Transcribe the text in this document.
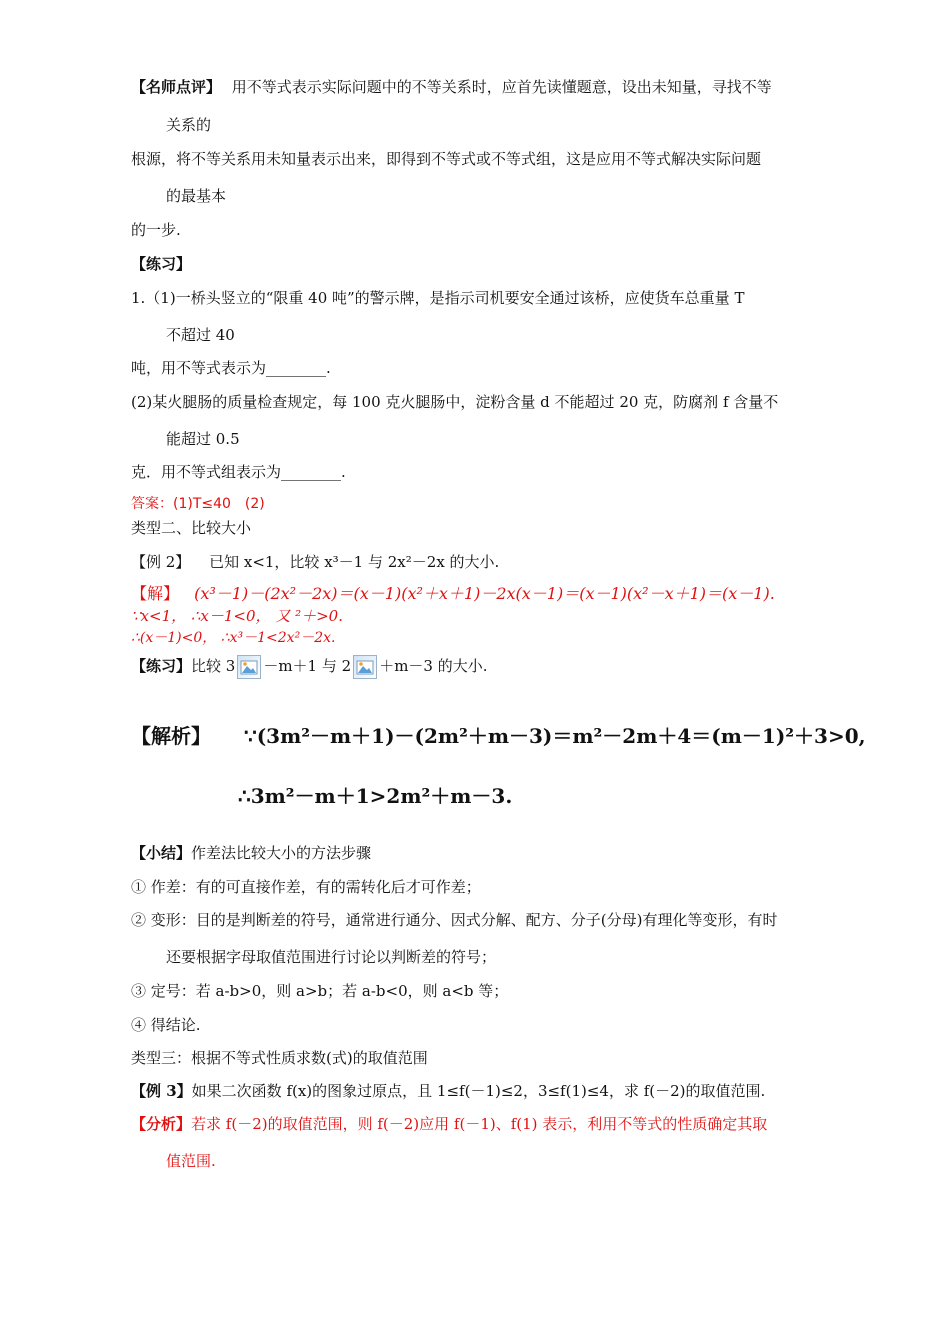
【名师点评】 用不等式表示实际问题中的不等关系时，应首先读懂题意，设出未知量，寻找不等
关系的
根源，将不等关系用未知量表示出来，即得到不等式或不等式组，这是应用不等式解决实际问题
的最基本
的一步.
【练习】
1.（1)一桥头竖立的“限重 40 吨”的警示牌，是指示司机要安全通过该桥，应使货车总重量 T
不超过 40
吨，用不等式表示为________.
(2)某火腿肠的质量检查规定，每 100 克火腿肠中，淀粉含量 d 不能超过 20 克，防腐剂 f 含量不
能超过 0.5
克．用不等式组表示为________.
答案：(1)T≤40　(2)
类型二、比较大小
【例 2】 已知 x<1，比较 x³－1 与 2x²－2x 的大小.
【解】 (x³－1)－(2x²－2x)＝(x－1)(x²＋x＋1)－2x(x－1)＝(x－1)(x²－x＋1)＝(x－1).
∵x<1， ∴x－1<0， 又 ²＋>0.
∴(x－1)<0， ∴x³－1<2x²－2x.
【练习】比较 3 －m＋1 与 2 ＋m－3 的大小.
【解析】 ∵(3m²－m＋1)－(2m²＋m－3)＝m²－2m＋4＝(m－1)²＋3>0,
∴3m²－m＋1>2m²＋m－3.
【小结】作差法比较大小的方法步骤
① 作差：有的可直接作差，有的需转化后才可作差；
② 变形：目的是判断差的符号，通常进行通分、因式分解、配方、分子(分母)有理化等变形，有时
还要根据字母取值范围进行讨论以判断差的符号；
③ 定号：若 a-b>0，则 a>b；若 a-b<0，则 a<b 等；
④ 得结论.
类型三：根据不等式性质求数(式)的取值范围
【例 3】如果二次函数 f(x)的图象过原点，且 1≤f(－1)≤2，3≤f(1)≤4，求 f(－2)的取值范围.
【分析】若求 f(－2)的取值范围，则 f(－2)应用 f(－1)、f(1) 表示，利用不等式的性质确定其取
值范围.
